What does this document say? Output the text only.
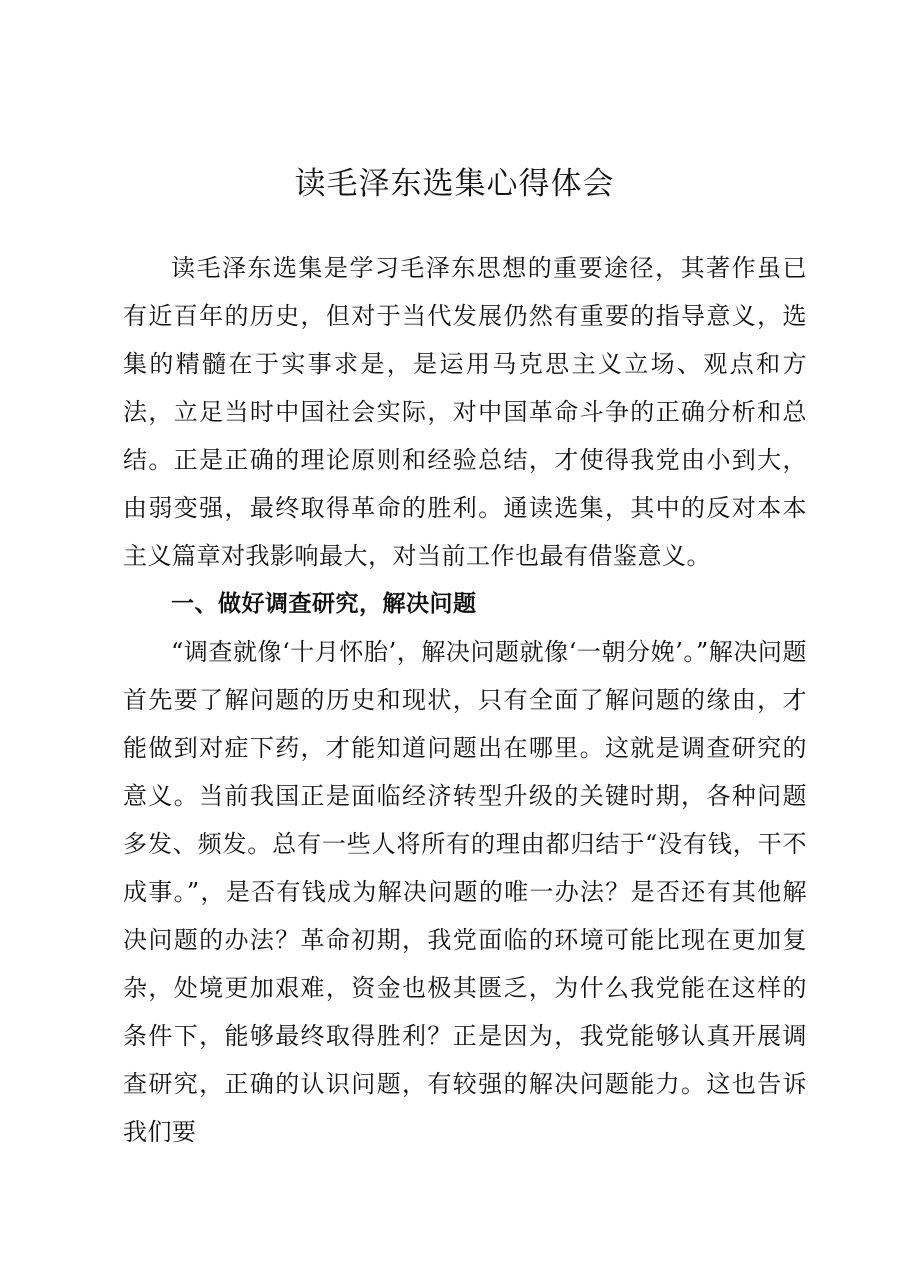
读毛泽东选集心得体会

读毛泽东选集是学习毛泽东思想的重要途径，其著作虽已有近百年的历史，但对于当代发展仍然有重要的指导意义，选集的精髓在于实事求是，是运用马克思主义立场、观点和方法，立足当时中国社会实际，对中国革命斗争的正确分析和总结。正是正确的理论原则和经验总结，才使得我党由小到大，由弱变强，最终取得革命的胜利。通读选集，其中的反对本本主义篇章对我影响最大，对当前工作也最有借鉴意义。

一、做好调查研究，解决问题

“调查就像‘十月怀胎’，解决问题就像‘一朝分娩’。”解决问题首先要了解问题的历史和现状，只有全面了解问题的缘由，才能做到对症下药，才能知道问题出在哪里。这就是调查研究的意义。当前我国正是面临经济转型升级的关键时期，各种问题多发、频发。总有一些人将所有的理由都归结于“没有钱，干不成事。”，是否有钱成为解决问题的唯一办法？是否还有其他解决问题的办法？革命初期，我党面临的环境可能比现在更加复杂，处境更加艰难，资金也极其匮乏，为什么我党能在这样的条件下，能够最终取得胜利？正是因为，我党能够认真开展调查研究，正确的认识问题，有较强的解决问题能力。这也告诉我们要
